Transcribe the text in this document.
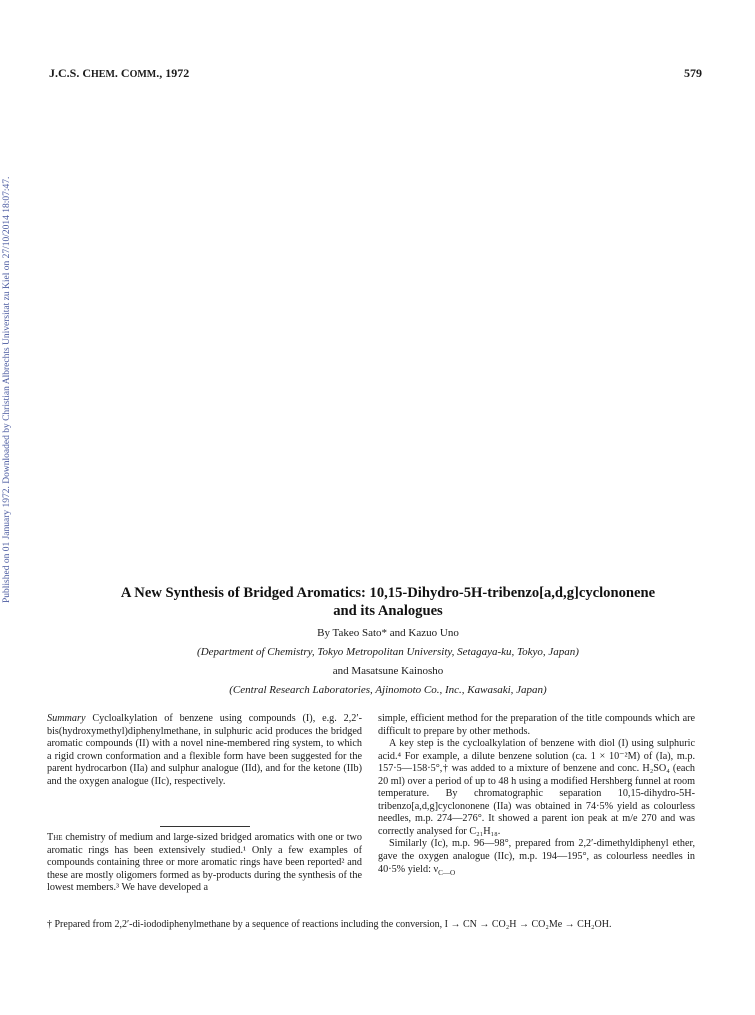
J.C.S. CHEM. COMM., 1972	579
Published on 01 January 1972. Downloaded by Christian Albrechts Universitat zu Kiel on 27/10/2014 18:07:47.	A New Synthesis of Bridged Aromatics: 10,15-Dihydro-5H-tribenzo[a,d,g]cyclononene
and its Analogues
By Takeo Sato* and Kazuo Uno
(Department of Chemistry, Tokyo Metropolitan University, Setagaya-ku, Tokyo, Japan)
and Masatsune Kainosho
(Central Research Laboratories, Ajinomoto Co., Inc., Kawasaki, Japan)

Summary Cycloalkylation of benzene using compounds (I), e.g. 2,2′-bis(hydroxymethyl)diphenylmethane, in sulphuric acid produces the bridged aromatic compounds (II) with a novel nine-membered ring system, to which a rigid crown conformation and a flexible form have been suggested for the parent hydrocarbon (IIa) and sulphur analogue (IId), and for the ketone (IIb) and the oxygen analogue (IIc), respectively.

The chemistry of medium and large-sized bridged aromatics with one or two aromatic rings has been extensively studied.¹ Only a few examples of compounds containing three or more aromatic rings have been reported² and these are mostly oligomers formed as by-products during the synthesis of the lowest members.³ We have developed a

simple, efficient method for the preparation of the title compounds which are difficult to prepare by other methods.

A key step is the cycloalkylation of benzene with diol (I) using sulphuric acid.⁴ For example, a dilute benzene solution (ca. 1 × 10⁻²M) of (Ia), m.p. 157·5—158·5°,† was added to a mixture of benzene and conc. H₂SO₄ (each 20 ml) over a period of up to 48 h using a modified Hershberg funnel at room temperature. By chromatographic separation 10,15-dihydro-5H-tribenzo[a,d,g]cyclononene (IIa) was obtained in 74·5% yield as colourless needles, m.p. 274—276°. It showed a parent ion peak at m/e 270 and was correctly analysed for C₂₁H₁₈.

Similarly (Ic), m.p. 96—98°, prepared from 2,2′-dimethyldiphenyl ether, gave the oxygen analogue (IIc), m.p. 194—195°, as colourless needles in 40·5% yield: $\nu_{C—O}$

† Prepared from 2,2′-di-iododiphenylmethane by a sequence of reactions including the conversion, I → CN → CO₂H → CO₂Me → CH₂OH.
